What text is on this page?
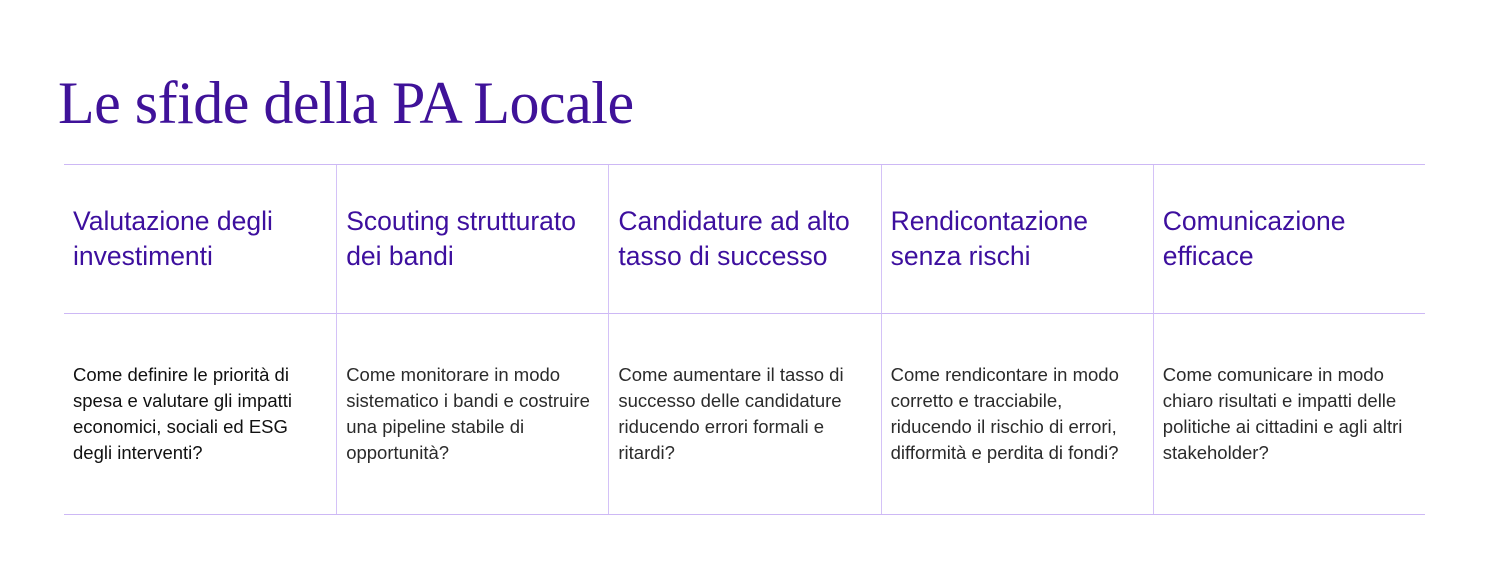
Le sfide della PA Locale
Valutazione degli investimenti
Scouting strutturato dei bandi
Candidature ad alto tasso di successo
Rendicontazione senza rischi
Comunicazione efficace
Come definire le priorità di spesa e valutare gli impatti economici, sociali ed ESG degli interventi?
Come monitorare in modo sistematico i bandi e costruire una pipeline stabile di opportunità?
Come aumentare il tasso di successo delle candidature riducendo errori formali e ritardi?
Come rendicontare in modo corretto e tracciabile, riducendo il rischio di errori, difformità e perdita di fondi?
Come comunicare in modo chiaro risultati e impatti delle politiche ai cittadini e agli altri stakeholder?
